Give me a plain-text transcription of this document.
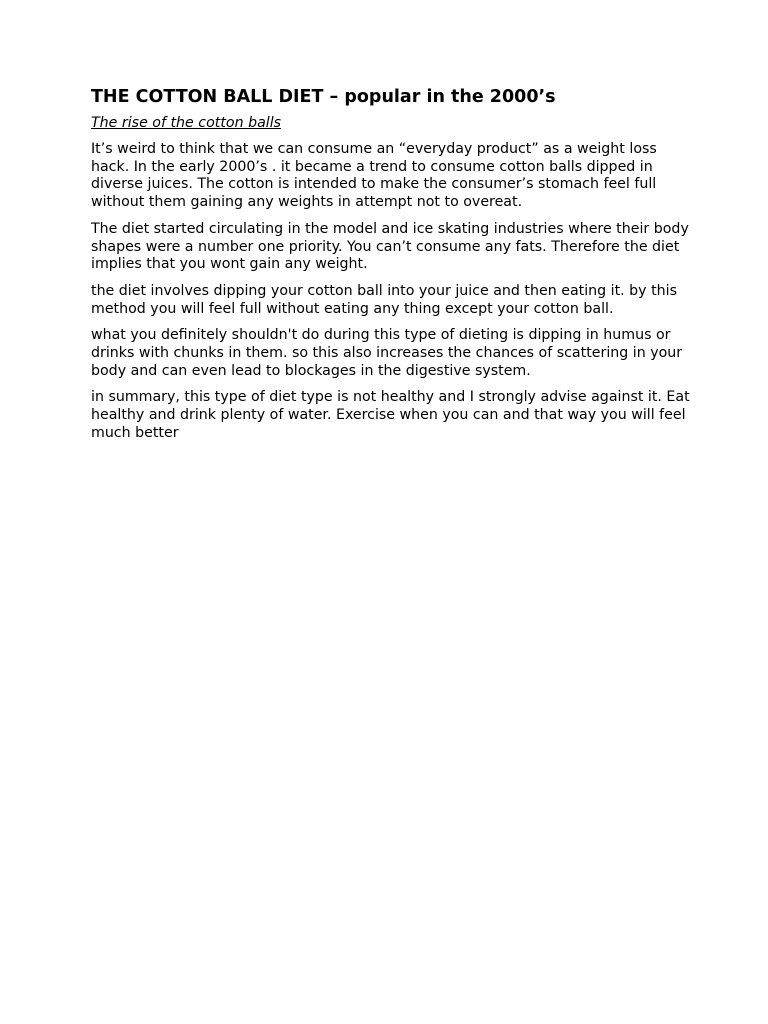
THE COTTON BALL DIET – popular in the 2000’s

The rise of the cotton balls

It’s weird to think that we can consume an “everyday product” as a weight loss hack. In the early 2000’s . it became a trend to consume cotton balls dipped in diverse juices. The cotton is intended to make the consumer’s stomach feel full without them gaining any weights in attempt not to overeat.

The diet started circulating in the model and ice skating industries where their body shapes were a number one priority. You can’t consume any fats. Therefore the diet implies that you wont gain any weight.

the diet involves dipping your cotton ball into your juice and then eating it. by this method you will feel full without eating any thing except your cotton ball.

what you definitely shouldn't do during this type of dieting is dipping in humus or drinks with chunks in them. so this also increases the chances of scattering in your body and can even lead to blockages in the digestive system.

in summary, this type of diet type is not healthy and I strongly advise against it. Eat healthy and drink plenty of water. Exercise when you can and that way you will feel much better
